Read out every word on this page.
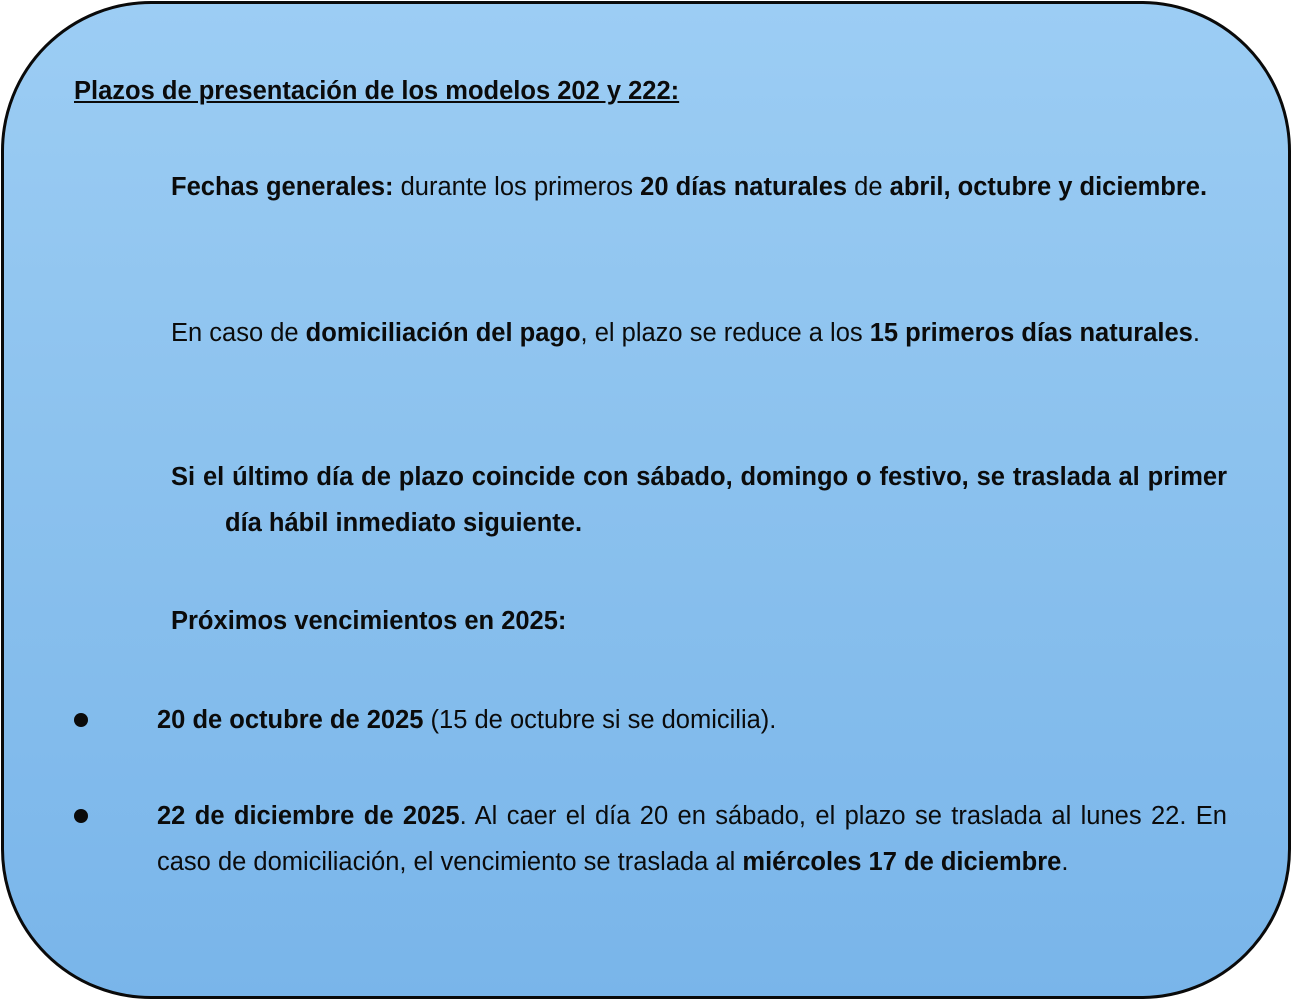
Plazos de presentación de los modelos 202 y 222:

Fechas generales: durante los primeros 20 días naturales de abril, octubre y diciembre.

En caso de domiciliación del pago, el plazo se reduce a los 15 primeros días naturales.

Si el último día de plazo coincide con sábado, domingo o festivo, se traslada al primer día hábil inmediato siguiente.

Próximos vencimientos en 2025:

20 de octubre de 2025 (15 de octubre si se domicilia).

22 de diciembre de 2025. Al caer el día 20 en sábado, el plazo se traslada al lunes 22. En caso de domiciliación, el vencimiento se traslada al miércoles 17 de diciembre.
